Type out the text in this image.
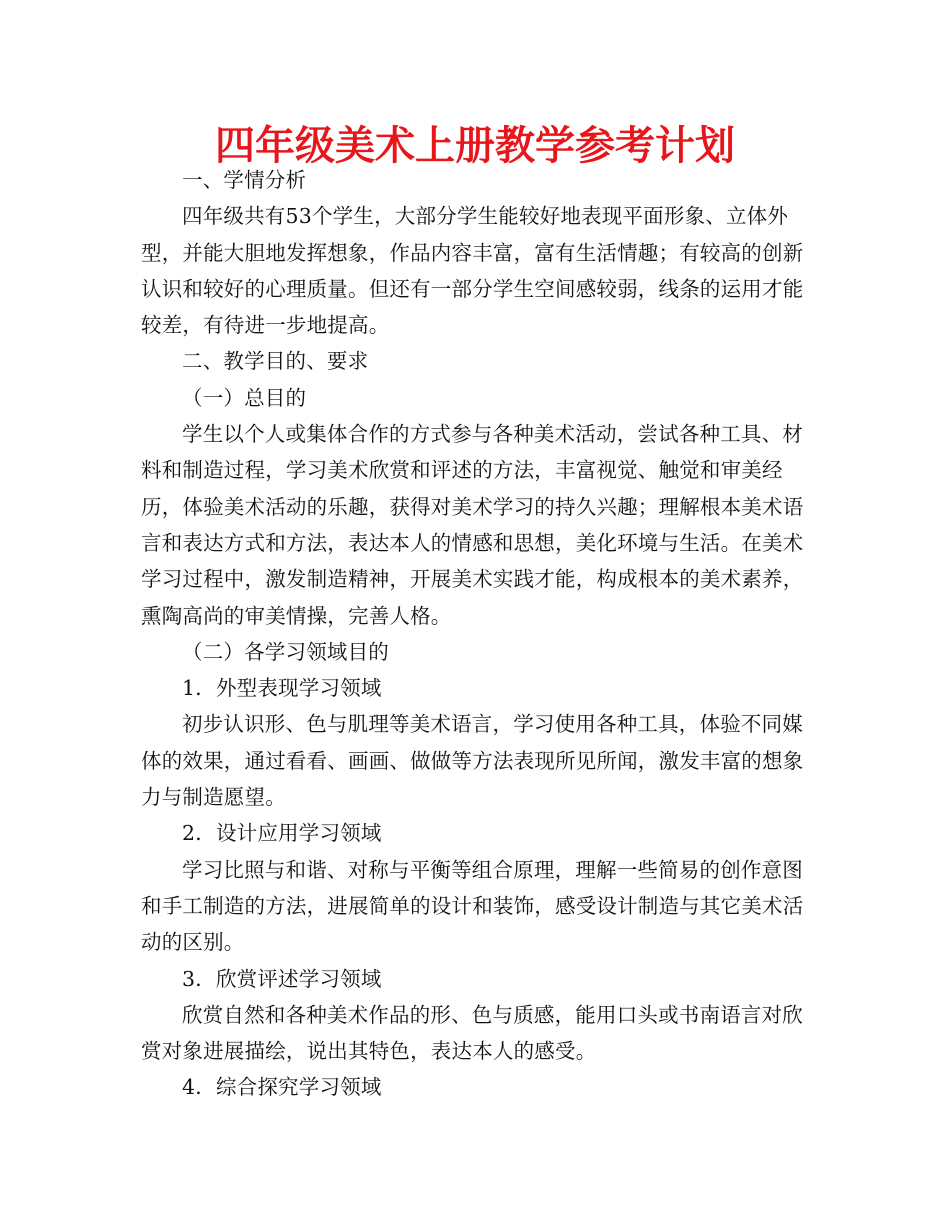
四年级美术上册教学参考计划

一、学情分析

四年级共有53个学生，大部分学生能较好地表现平面形象、立体外型，并能大胆地发挥想象，作品内容丰富，富有生活情趣；有较高的创新认识和较好的心理质量。但还有一部分学生空间感较弱，线条的运用才能较差，有待进一步地提高。

二、教学目的、要求

（一）总目的

学生以个人或集体合作的方式参与各种美术活动，尝试各种工具、材料和制造过程，学习美术欣赏和评述的方法，丰富视觉、触觉和审美经历，体验美术活动的乐趣，获得对美术学习的持久兴趣；理解根本美术语言和表达方式和方法，表达本人的情感和思想，美化环境与生活。在美术学习过程中，激发制造精神，开展美术实践才能，构成根本的美术素养，熏陶高尚的审美情操，完善人格。

（二）各学习领域目的

1．外型表现学习领域

初步认识形、色与肌理等美术语言，学习使用各种工具，体验不同媒体的效果，通过看看、画画、做做等方法表现所见所闻，激发丰富的想象力与制造愿望。

2．设计应用学习领域

学习比照与和谐、对称与平衡等组合原理，理解一些简易的创作意图和手工制造的方法，进展简单的设计和装饰，感受设计制造与其它美术活动的区别。

3．欣赏评述学习领域

欣赏自然和各种美术作品的形、色与质感，能用口头或书南语言对欣赏对象进展描绘，说出其特色，表达本人的感受。

4．综合探究学习领域
